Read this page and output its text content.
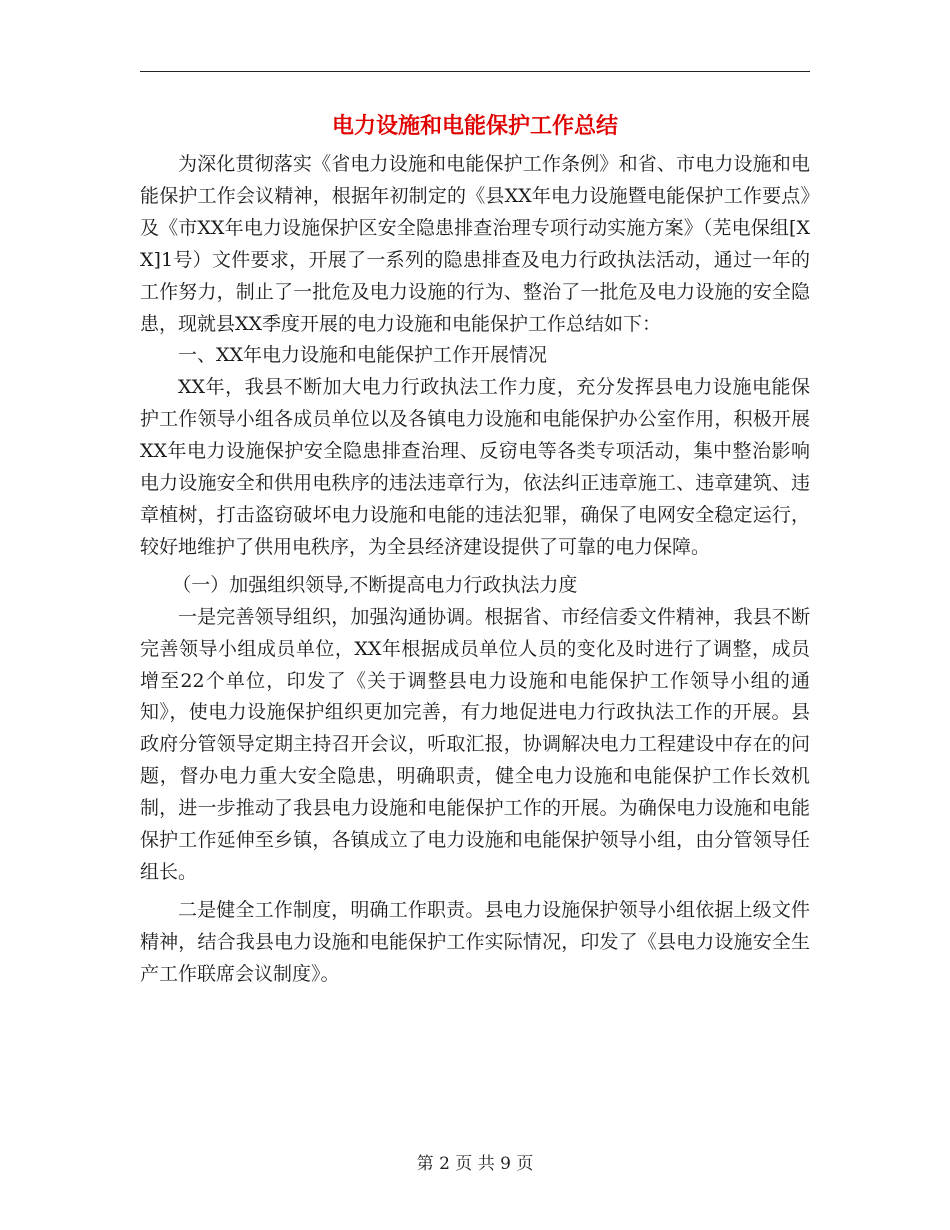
电力设施和电能保护工作总结

为深化贯彻落实《省电力设施和电能保护工作条例》和省、市电力设施和电能保护工作会议精神，根据年初制定的《县XX年电力设施暨电能保护工作要点》及《市XX年电力设施保护区安全隐患排查治理专项行动实施方案》（芜电保组[XX]1号）文件要求，开展了一系列的隐患排查及电力行政执法活动，通过一年的工作努力，制止了一批危及电力设施的行为、整治了一批危及电力设施的安全隐患，现就县XX季度开展的电力设施和电能保护工作总结如下：

一、XX年电力设施和电能保护工作开展情况

XX年，我县不断加大电力行政执法工作力度，充分发挥县电力设施电能保护工作领导小组各成员单位以及各镇电力设施和电能保护办公室作用，积极开展XX年电力设施保护安全隐患排查治理、反窃电等各类专项活动，集中整治影响电力设施安全和供用电秩序的违法违章行为，依法纠正违章施工、违章建筑、违章植树，打击盗窃破坏电力设施和电能的违法犯罪，确保了电网安全稳定运行，较好地维护了供用电秩序，为全县经济建设提供了可靠的电力保障。

（一）加强组织领导,不断提高电力行政执法力度

一是完善领导组织，加强沟通协调。根据省、市经信委文件精神，我县不断完善领导小组成员单位，XX年根据成员单位人员的变化及时进行了调整，成员增至22个单位，印发了《关于调整县电力设施和电能保护工作领导小组的通知》，使电力设施保护组织更加完善，有力地促进电力行政执法工作的开展。县政府分管领导定期主持召开会议，听取汇报，协调解决电力工程建设中存在的问题，督办电力重大安全隐患，明确职责，健全电力设施和电能保护工作长效机制，进一步推动了我县电力设施和电能保护工作的开展。为确保电力设施和电能保护工作延伸至乡镇，各镇成立了电力设施和电能保护领导小组，由分管领导任组长。

二是健全工作制度，明确工作职责。县电力设施保护领导小组依据上级文件精神，结合我县电力设施和电能保护工作实际情况，印发了《县电力设施安全生产工作联席会议制度》。

第 2 页 共 9 页
